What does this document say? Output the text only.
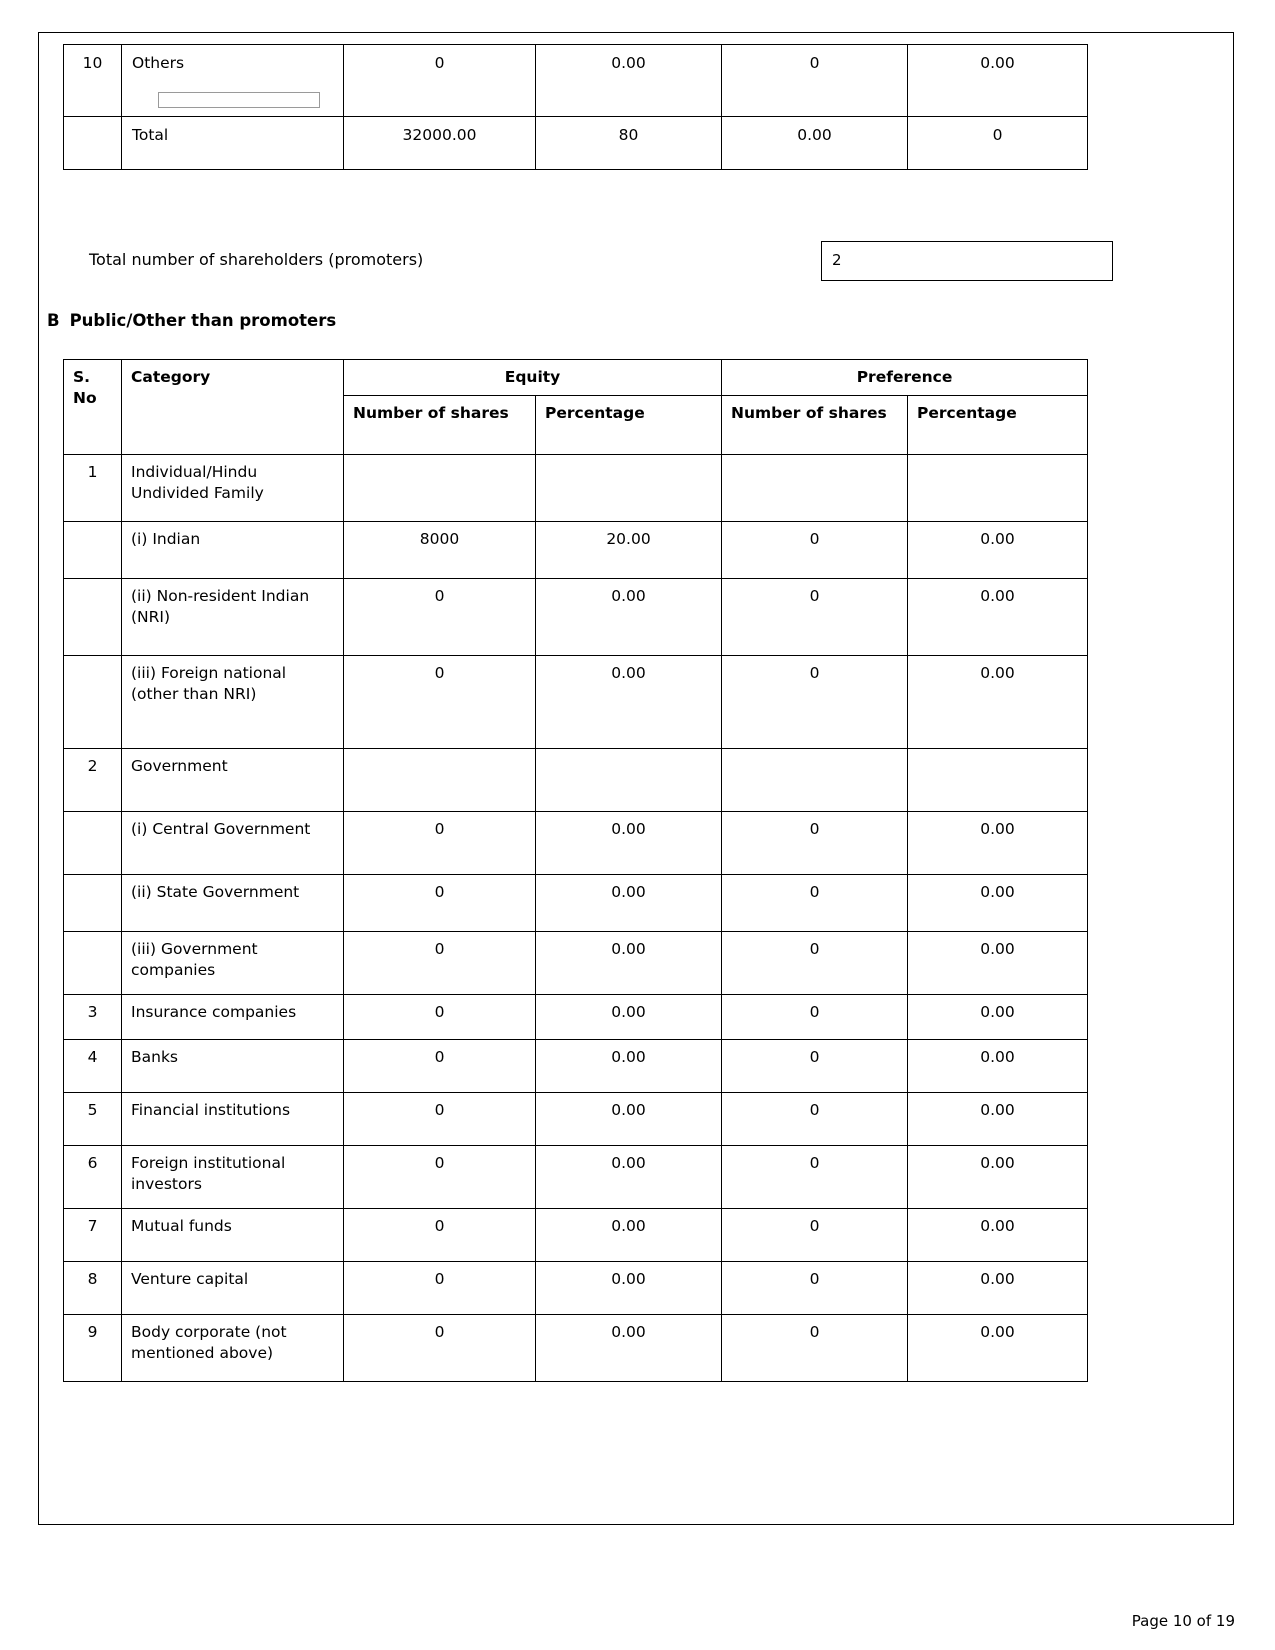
10	Others	0	0.00	0	0.00
	Total	32000.00	80	0.00	0
Total number of shareholders (promoters)	2
B Public/Other than promoters
S. No	Category	Equity		Preference	
		Number of shares	Percentage	Number of shares	Percentage
1	Individual/Hindu Undivided Family				
	(i) Indian	8000	20.00	0	0.00
	(ii) Non-resident Indian (NRI)	0	0.00	0	0.00
	(iii) Foreign national (other than NRI)	0	0.00	0	0.00
2	Government				
	(i) Central Government	0	0.00	0	0.00
	(ii) State Government	0	0.00	0	0.00
	(iii) Government companies	0	0.00	0	0.00
3	Insurance companies	0	0.00	0	0.00
4	Banks	0	0.00	0	0.00
5	Financial institutions	0	0.00	0	0.00
6	Foreign institutional investors	0	0.00	0	0.00
7	Mutual funds	0	0.00	0	0.00
8	Venture capital	0	0.00	0	0.00
9	Body corporate (not mentioned above)	0	0.00	0	0.00
Page 10 of 19
